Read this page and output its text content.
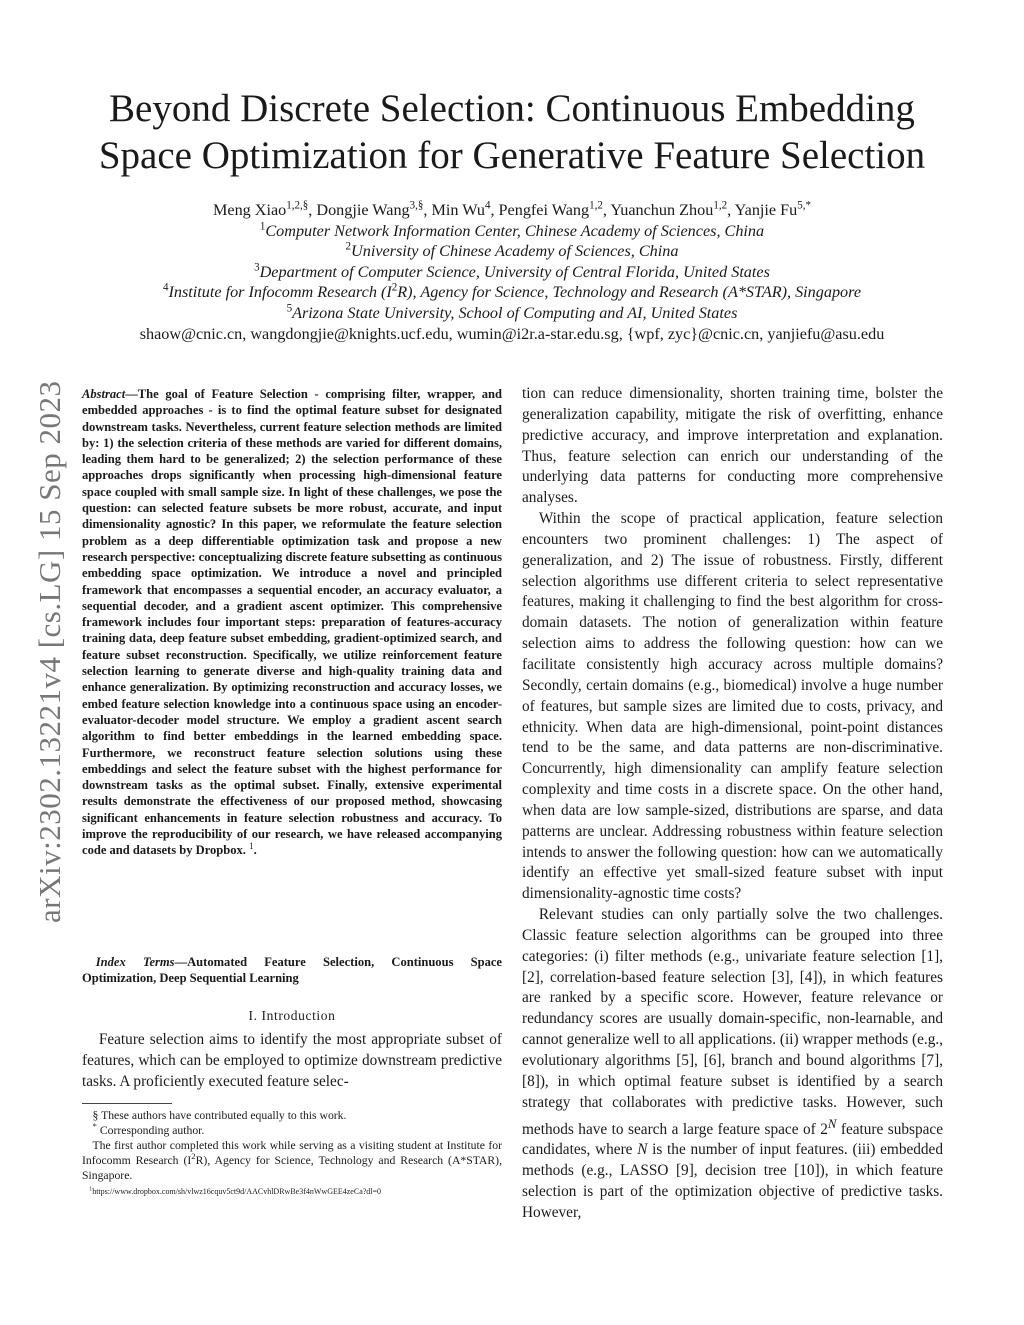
arXiv:2302.13221v4 [cs.LG] 15 Sep 2023
Beyond Discrete Selection: Continuous Embedding
Space Optimization for Generative Feature Selection
Meng Xiao$^{1,2,\S}$, Dongjie Wang$^{3,\S}$, Min Wu$^4$, Pengfei Wang$^{1,2}$, Yuanchun Zhou$^{1,2}$, Yanjie $Fu^{5,*}$
$^1$Computer Network Information Center, Chinese Academy of Sciences, China
$^2$University of Chinese Academy of Sciences, China
$^3$Department of Computer Science, University of Central Florida, United States
$^4$Institute for Infocomm Research $(I^2R)$, Agency for Science, Technology and Research (A*STAR), Singapore
$^5$Arizona State University, School of Computing and AI, United States
shaow@cnic.cn, wangdongjie@knights.ucf.edu, wumin@i2r.a-star.edu.sg, {wpf, zyc}@cnic.cn, yanjiefu@asu.edu
Abstract—The goal of Feature Selection - comprising filter, wrapper, and embedded approaches - is to find the optimal feature subset for designated downstream tasks. Nevertheless, current feature selection methods are limited by: 1) the selection criteria of these methods are varied for different domains, leading them hard to be generalized; 2) the selection performance of these approaches drops significantly when processing high-dimensional feature space coupled with small sample size. In light of these challenges, we pose the question: can selected feature subsets be more robust, accurate, and input dimensionality agnostic? In this paper, we reformulate the feature selection problem as a deep differentiable optimization task and propose a new research perspective: conceptualizing discrete feature subsetting as continuous embedding space optimization. We introduce a novel and principled framework that encompasses a sequential encoder, an accuracy evaluator, a sequential decoder, and a gradient ascent optimizer. This comprehensive framework includes four important steps: preparation of features-accuracy training data, deep feature subset embedding, gradient-optimized search, and feature subset reconstruction. Specifically, we utilize reinforcement feature selection learning to generate diverse and high-quality training data and enhance generalization. By optimizing reconstruction and accuracy losses, we embed feature selection knowledge into a continuous space using an encoder-evaluator-decoder model structure. We employ a gradient ascent search algorithm to find better embeddings in the learned embedding space. Furthermore, we reconstruct feature selection solutions using these embeddings and select the feature subset with the highest performance for downstream tasks as the optimal subset. Finally, extensive experimental results demonstrate the effectiveness of our proposed method, showcasing significant enhancements in feature selection robustness and accuracy. To improve the reproducibility of our research, we have released accompanying code and datasets by Dropbox. $^1$.
Index Terms—Automated Feature Selection, Continuous Space Optimization, Deep Sequential Learning
I. Introduction

Feature selection aims to identify the most appropriate subset of features, which can be employed to optimize downstream predictive tasks. A proficiently executed feature selec-

§ These authors have contributed equally to this work.
* Corresponding author.
The first author completed this work while serving as a visiting student at Institute for Infocomm Research $(I^2R)$, Agency for Science, Technology and Research (A*STAR), Singapore.
$^1$https://www.dropbox.com/sh/vlwz16cquv5ct9d/AACvhlDRwBe3f4nWwGEE4zeCa?dl=0

tion can reduce dimensionality, shorten training time, bolster the generalization capability, mitigate the risk of overfitting, enhance predictive accuracy, and improve interpretation and explanation. Thus, feature selection can enrich our understanding of the underlying data patterns for conducting more comprehensive analyses.

Within the scope of practical application, feature selection encounters two prominent challenges: 1) The aspect of generalization, and 2) The issue of robustness. Firstly, different selection algorithms use different criteria to select representative features, making it challenging to find the best algorithm for cross-domain datasets. The notion of generalization within feature selection aims to address the following question: how can we facilitate consistently high accuracy across multiple domains? Secondly, certain domains (e.g., biomedical) involve a huge number of features, but sample sizes are limited due to costs, privacy, and ethnicity. When data are high-dimensional, point-point distances tend to be the same, and data patterns are non-discriminative. Concurrently, high dimensionality can amplify feature selection complexity and time costs in a discrete space. On the other hand, when data are low sample-sized, distributions are sparse, and data patterns are unclear. Addressing robustness within feature selection intends to answer the following question: how can we automatically identify an effective yet small-sized feature subset with input dimensionality-agnostic time costs?

Relevant studies can only partially solve the two challenges. Classic feature selection algorithms can be grouped into three categories: (i) filter methods (e.g., univariate feature selection [1], [2], correlation-based feature selection [3], [4]), in which features are ranked by a specific score. However, feature relevance or redundancy scores are usually domain-specific, non-learnable, and cannot generalize well to all applications. (ii) wrapper methods (e.g., evolutionary algorithms [5], [6], branch and bound algorithms [7], [8]), in which optimal feature subset is identified by a search strategy that collaborates with predictive tasks. However, such methods have to search a large feature space of $2^N$ feature subspace candidates, where N is the number of input features. (iii) embedded methods (e.g., LASSO [9], decision tree [10]), in which feature selection is part of the optimization objective of predictive tasks. However,
